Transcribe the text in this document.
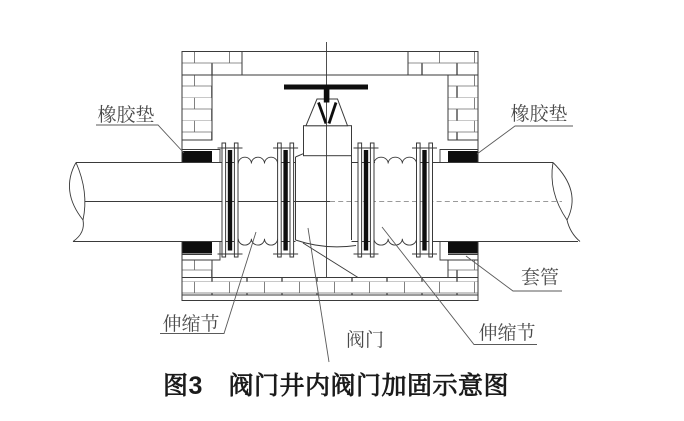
橡胶垫	橡胶垫
套管
伸缩节	伸缩节
阀门
图3　阀门井内阀门加固示意图
